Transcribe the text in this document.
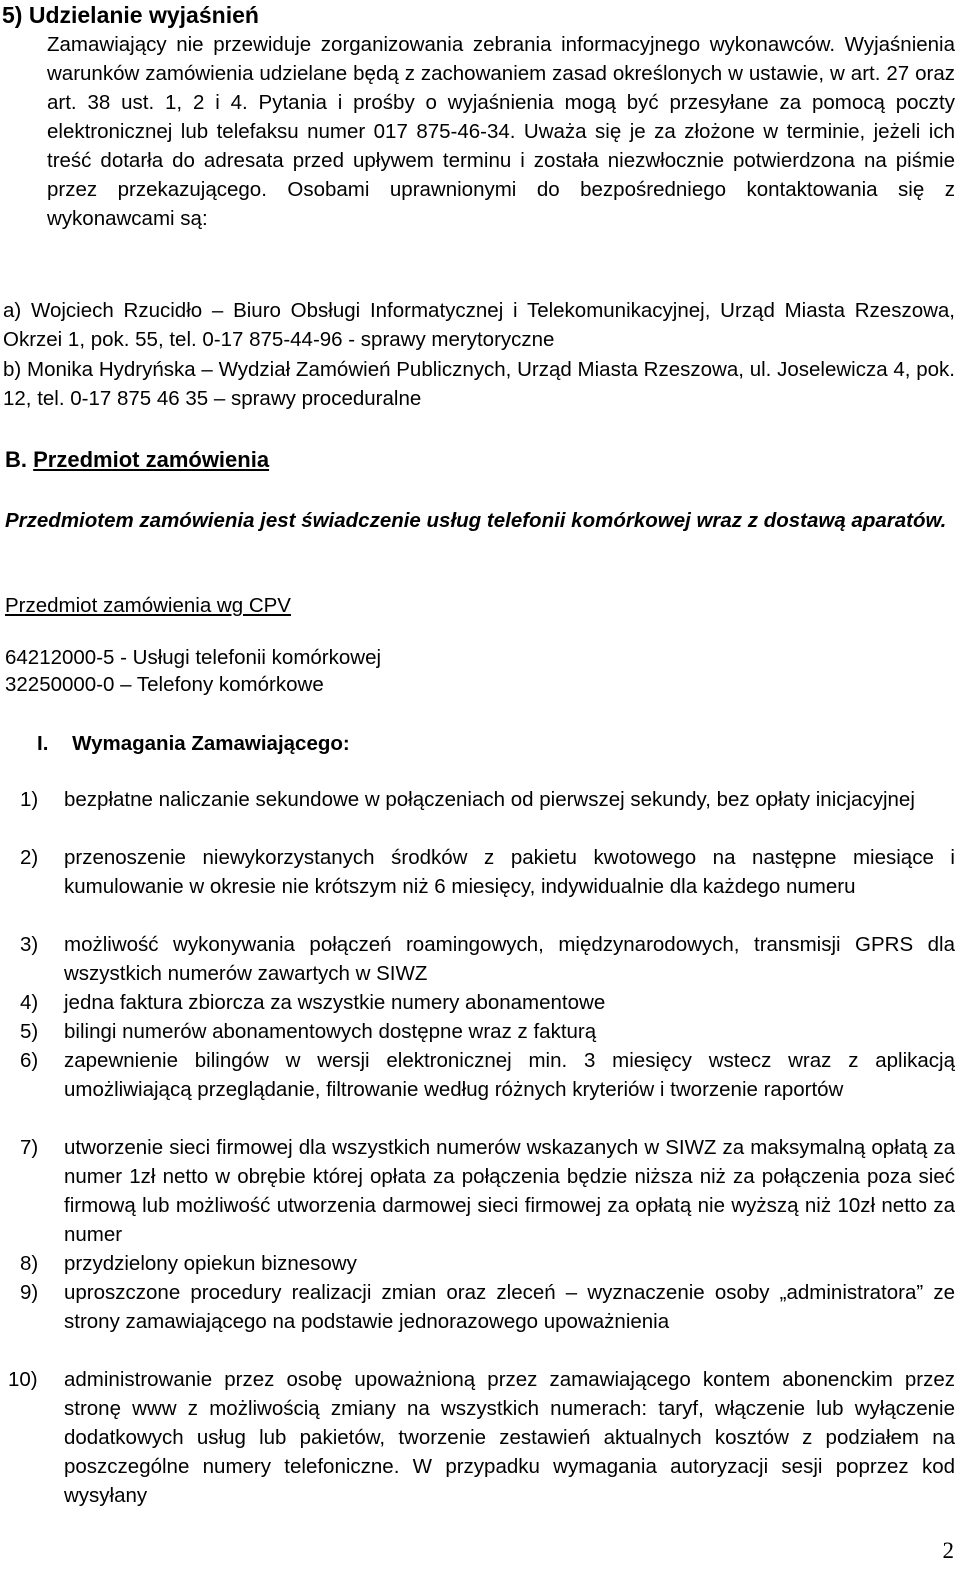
5) Udzielanie wyjaśnień

Zamawiający nie przewiduje zorganizowania zebrania informacyjnego wykonawców. Wyjaśnienia warunków zamówienia udzielane będą z zachowaniem zasad określonych w ustawie, w art. 27 oraz art. 38 ust. 1, 2 i 4. Pytania i prośby o wyjaśnienia mogą być przesyłane za pomocą poczty elektronicznej lub telefaksu numer 017 875-46-34. Uważa się je za złożone w terminie, jeżeli ich treść dotarła do adresata przed upływem terminu i została niezwłocznie potwierdzona na piśmie przez przekazującego. Osobami uprawnionymi do bezpośredniego kontaktowania się z wykonawcami są:

a) Wojciech Rzucidło – Biuro Obsługi Informatycznej i Telekomunikacyjnej, Urząd Miasta Rzeszowa, Okrzei 1, pok. 55, tel. 0-17 875-44-96 - sprawy merytoryczne

b) Monika Hydryńska – Wydział Zamówień Publicznych, Urząd Miasta Rzeszowa, ul. Joselewicza 4, pok. 12, tel. 0-17 875 46 35 – sprawy proceduralne

B. Przedmiot zamówienia

Przedmiotem zamówienia jest świadczenie usług telefonii komórkowej wraz z dostawą aparatów.

Przedmiot zamówienia wg CPV

64212000-5 - Usługi telefonii komórkowej

32250000-0 – Telefony komórkowe

I. Wymagania Zamawiającego:
1)	bezpłatne naliczanie sekundowe w połączeniach od pierwszej sekundy, bez opłaty inicjacyjnej
2)	przenoszenie niewykorzystanych środków z pakietu kwotowego na następne miesiące i kumulowanie w okresie nie krótszym niż 6 miesięcy, indywidualnie dla każdego numeru
3)	możliwość wykonywania połączeń roamingowych, międzynarodowych, transmisji GPRS dla wszystkich numerów zawartych w SIWZ
4)	jedna faktura zbiorcza za wszystkie numery abonamentowe
5)	bilingi numerów abonamentowych dostępne wraz z fakturą
6)	zapewnienie bilingów w wersji elektronicznej min. 3 miesięcy wstecz wraz z aplikacją umożliwiającą przeglądanie, filtrowanie według różnych kryteriów i tworzenie raportów
7)	utworzenie sieci firmowej dla wszystkich numerów wskazanych w SIWZ za maksymalną opłatą za numer 1zł netto w obrębie której opłata za połączenia będzie niższa niż za połączenia poza sieć firmową lub możliwość utworzenia darmowej sieci firmowej za opłatą nie wyższą niż 10zł netto za numer
8)	przydzielony opiekun biznesowy
9)	uproszczone procedury realizacji zmian oraz zleceń – wyznaczenie osoby „administratora” ze strony zamawiającego na podstawie jednorazowego upoważnienia
10)	administrowanie przez osobę upoważnioną przez zamawiającego kontem abonenckim przez stronę www z możliwością zmiany na wszystkich numerach: taryf, włączenie lub wyłączenie dodatkowych usług lub pakietów, tworzenie zestawień aktualnych kosztów z podziałem na poszczególne numery telefoniczne. W przypadku wymagania autoryzacji sesji poprzez kod wysyłany
2
